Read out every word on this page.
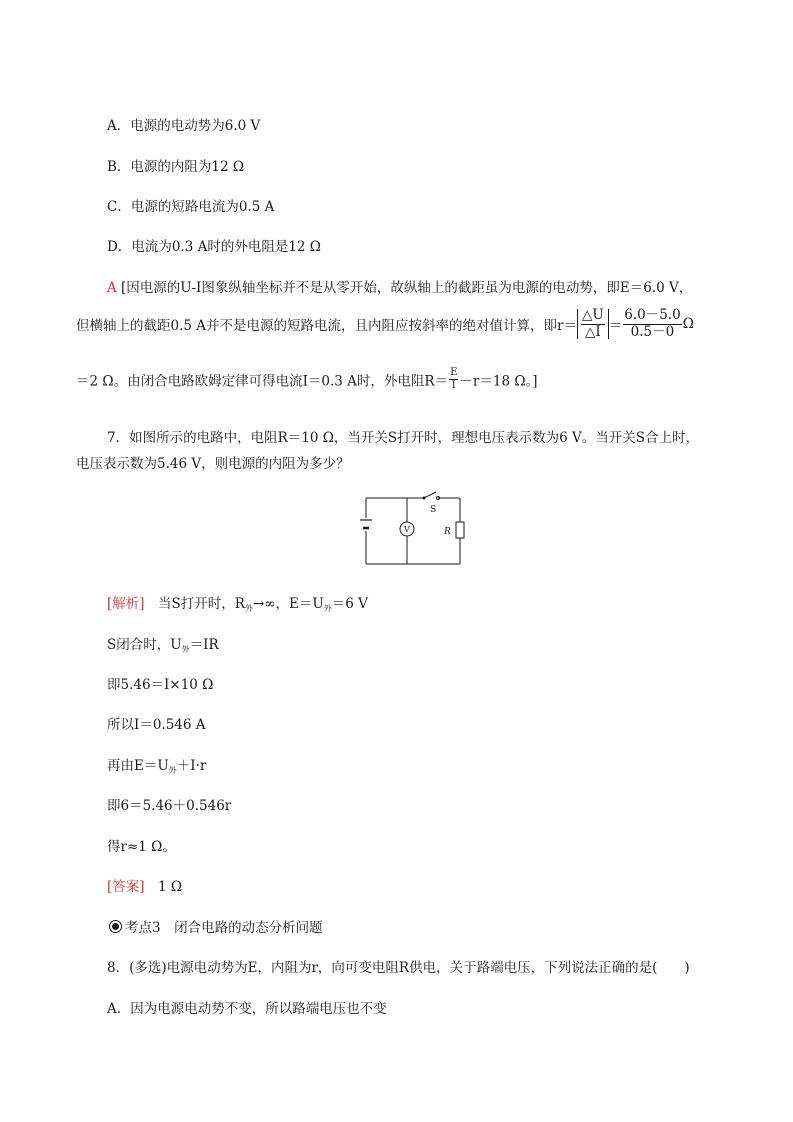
A．电源的电动势为6.0 V
B．电源的内阻为12 Ω
C．电源的短路电流为0.5 A
D．电流为0.3 A时的外电阻是12 Ω
A [因电源的U-I图象纵轴坐标并不是从零开始，故纵轴上的截距虽为电源的电动势，即E＝6.0 V，
但横轴上的截距0.5 A并不是电源的短路电流，且内阻应按斜率的绝对值计算，即$r= \frac{\triangle U}{\triangle I} = \frac{6.0-5.0}{0.5-0}$ Ω
＝2 Ω。由闭合电路欧姆定律可得电流I＝0.3 A时，外电阻$R= \frac{E}{I} -r=18$ Ω。]
7．如图所示的电路中，电阻R＝10 Ω，当开关S打开时，理想电压表示数为6 V。当开关S合上时，
电压表示数为5.46 V，则电源的内阻为多少？
S
V	R
[解析]　当S打开时，$R_外\to\infty$，$E=U_外=6$ V
S闭合时，$U_外=IR$
即5.46＝I×10 Ω
所以I＝0.546 A
再由$E=U_外+I\cdot r$
即6＝5.46＋0.546r
得r≈1 Ω。
[答案]　1 Ω
考点3　闭合电路的动态分析问题
8．(多选)电源电动势为E，内阻为r，向可变电阻R供电，关于路端电压，下列说法正确的是(　　)
A．因为电源电动势不变，所以路端电压也不变
